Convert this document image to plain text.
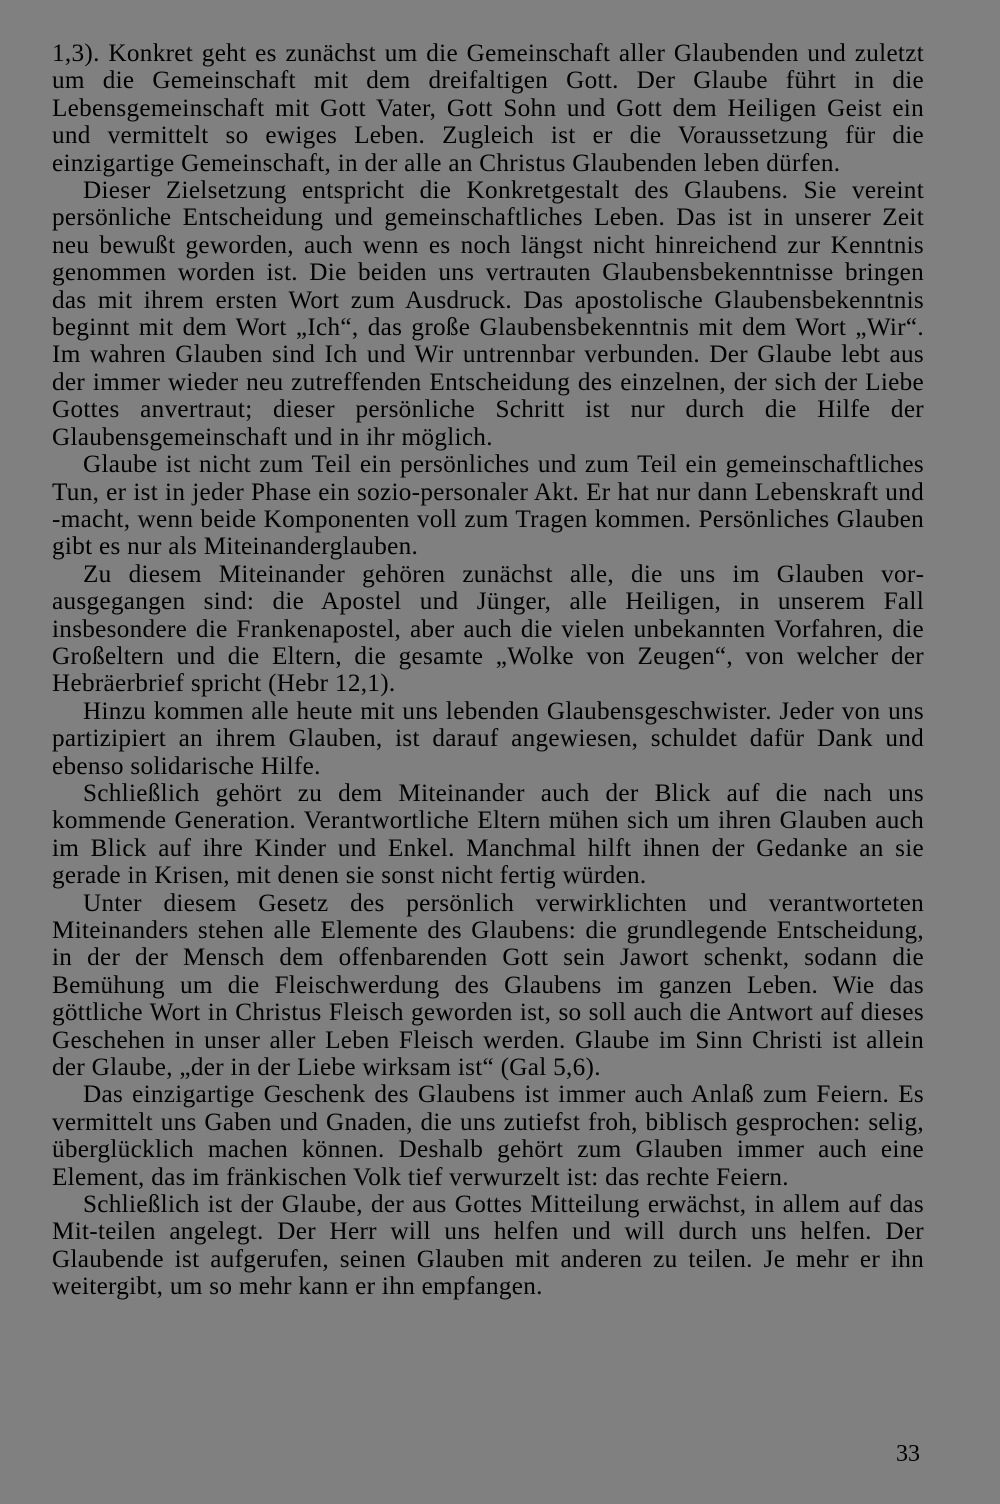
1,3). Konkret geht es zunächst um die Gemeinschaft aller Glaubenden und zuletzt um die Gemeinschaft mit dem dreifaltigen Gott. Der Glaube führt in die Lebensgemeinschaft mit Gott Vater, Gott Sohn und Gott dem Heiligen Geist ein und vermittelt so ewiges Leben. Zugleich ist er die Voraussetzung für die einzigartige Gemeinschaft, in der alle an Christus Glaubenden leben dürfen.

Dieser Zielsetzung entspricht die Konkretgestalt des Glaubens. Sie vereint persönliche Entscheidung und gemeinschaftliches Leben. Das ist in unserer Zeit neu bewußt geworden, auch wenn es noch längst nicht hinreichend zur Kenntnis genommen worden ist. Die beiden uns vertrauten Glaubensbekenntnisse bringen das mit ihrem ersten Wort zum Ausdruck. Das apostolische Glaubensbekenntnis beginnt mit dem Wort „Ich“, das große Glaubensbekenntnis mit dem Wort „Wir“. Im wahren Glauben sind Ich und Wir untrennbar verbunden. Der Glaube lebt aus der immer wieder neu zutreffenden Entscheidung des einzelnen, der sich der Liebe Gottes anvertraut; dieser persönliche Schritt ist nur durch die Hilfe der Glaubensgemeinschaft und in ihr möglich.

Glaube ist nicht zum Teil ein persönliches und zum Teil ein gemeinschaftliches Tun, er ist in jeder Phase ein sozio-personaler Akt. Er hat nur dann Lebenskraft und -macht, wenn beide Komponenten voll zum Tragen kommen. Persönliches Glauben gibt es nur als Miteinanderglauben.

Zu diesem Miteinander gehören zunächst alle, die uns im Glauben vorausgegangen sind: die Apostel und Jünger, alle Heiligen, in unserem Fall insbesondere die Frankenapostel, aber auch die vielen unbekannten Vorfahren, die Großeltern und die Eltern, die gesamte „Wolke von Zeugen“, von welcher der Hebräerbrief spricht (Hebr 12,1).

Hinzu kommen alle heute mit uns lebenden Glaubensgeschwister. Jeder von uns partizipiert an ihrem Glauben, ist darauf angewiesen, schuldet dafür Dank und ebenso solidarische Hilfe.

Schließlich gehört zu dem Miteinander auch der Blick auf die nach uns kommende Generation. Verantwortliche Eltern mühen sich um ihren Glauben auch im Blick auf ihre Kinder und Enkel. Manchmal hilft ihnen der Gedanke an sie gerade in Krisen, mit denen sie sonst nicht fertig würden.

Unter diesem Gesetz des persönlich verwirklichten und verantworteten Miteinanders stehen alle Elemente des Glaubens: die grundlegende Entscheidung, in der der Mensch dem offenbarenden Gott sein Jawort schenkt, sodann die Bemühung um die Fleischwerdung des Glaubens im ganzen Leben. Wie das göttliche Wort in Christus Fleisch geworden ist, so soll auch die Antwort auf dieses Geschehen in unser aller Leben Fleisch werden. Glaube im Sinn Christi ist allein der Glaube, „der in der Liebe wirksam ist“ (Gal 5,6).

Das einzigartige Geschenk des Glaubens ist immer auch Anlaß zum Feiern. Es vermittelt uns Gaben und Gnaden, die uns zutiefst froh, biblisch gesprochen: selig, überglücklich machen können. Deshalb gehört zum Glauben immer auch eine Element, das im fränkischen Volk tief verwurzelt ist: das rechte Feiern.

Schließlich ist der Glaube, der aus Gottes Mitteilung erwächst, in allem auf das Mit-teilen angelegt. Der Herr will uns helfen und will durch uns helfen. Der Glaubende ist aufgerufen, seinen Glauben mit anderen zu teilen. Je mehr er ihn weitergibt, um so mehr kann er ihn empfangen.

33
